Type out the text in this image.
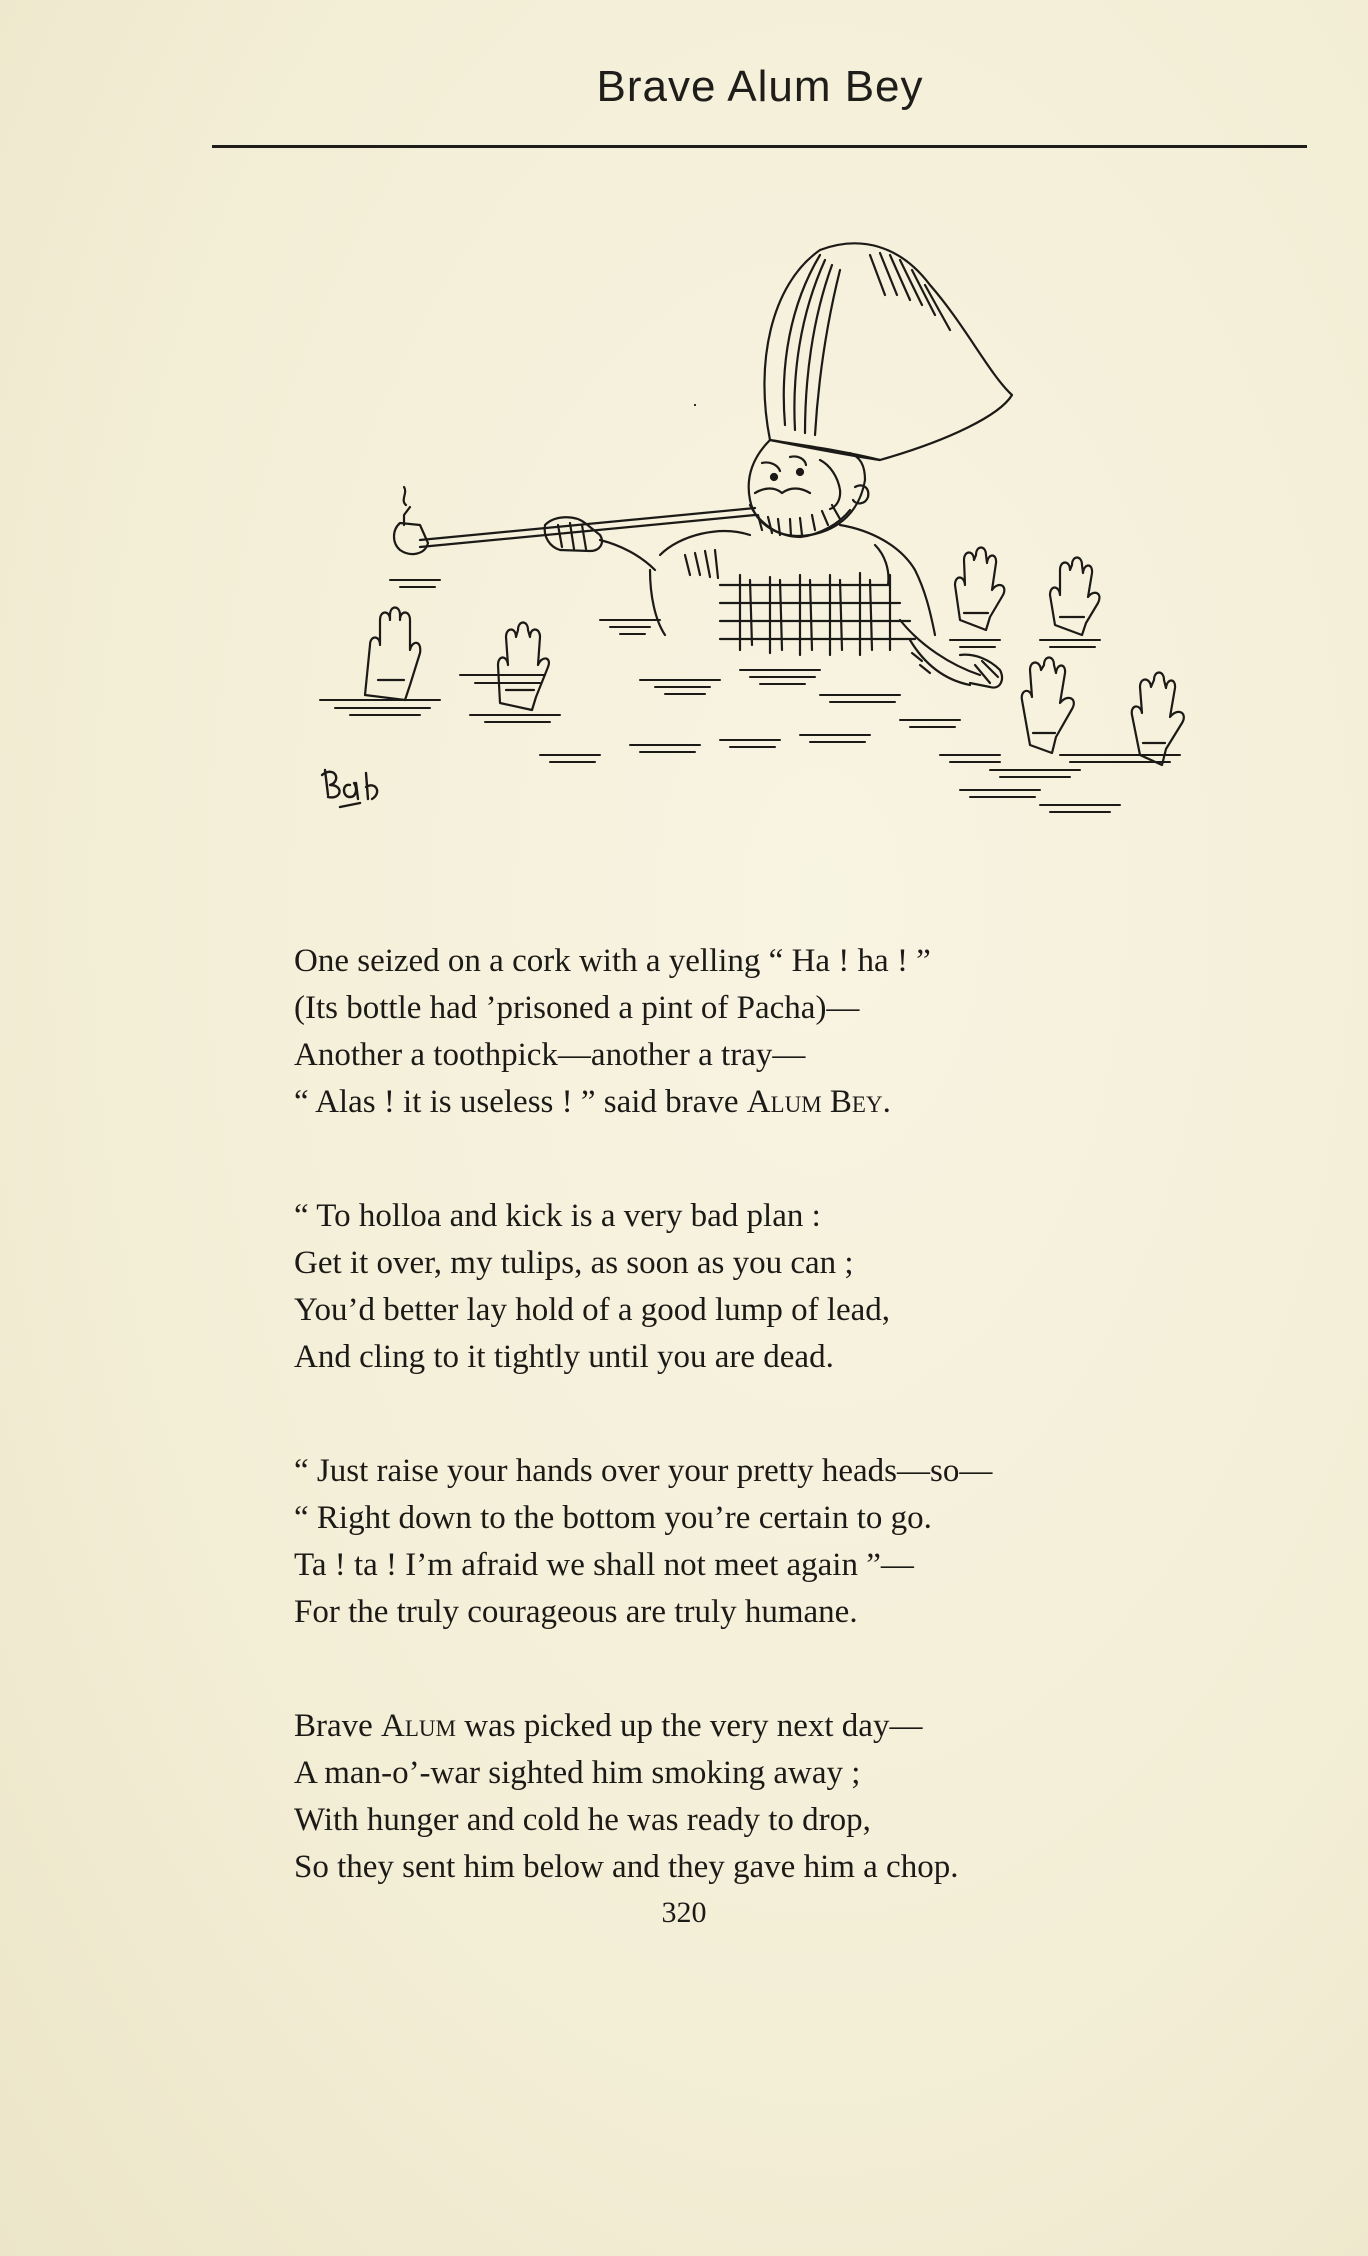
Brave Alum Bey
One seized on a cork with a yelling “ Ha ! ha ! ”
(Its bottle had ’prisoned a pint of Pacha)—
Another a toothpick—another a tray—
“ Alas ! it is useless ! ” said brave Alum Bey.
“ To holloa and kick is a very bad plan :
Get it over, my tulips, as soon as you can ;
You’d better lay hold of a good lump of lead,
And cling to it tightly until you are dead.
“ Just raise your hands over your pretty heads—so—
“ Right down to the bottom you’re certain to go.
Ta ! ta ! I’m afraid we shall not meet again ”—
For the truly courageous are truly humane.
Brave Alum was picked up the very next day—
A man-o’-war sighted him smoking away ;
With hunger and cold he was ready to drop,
So they sent him below and they gave him a chop.
320
